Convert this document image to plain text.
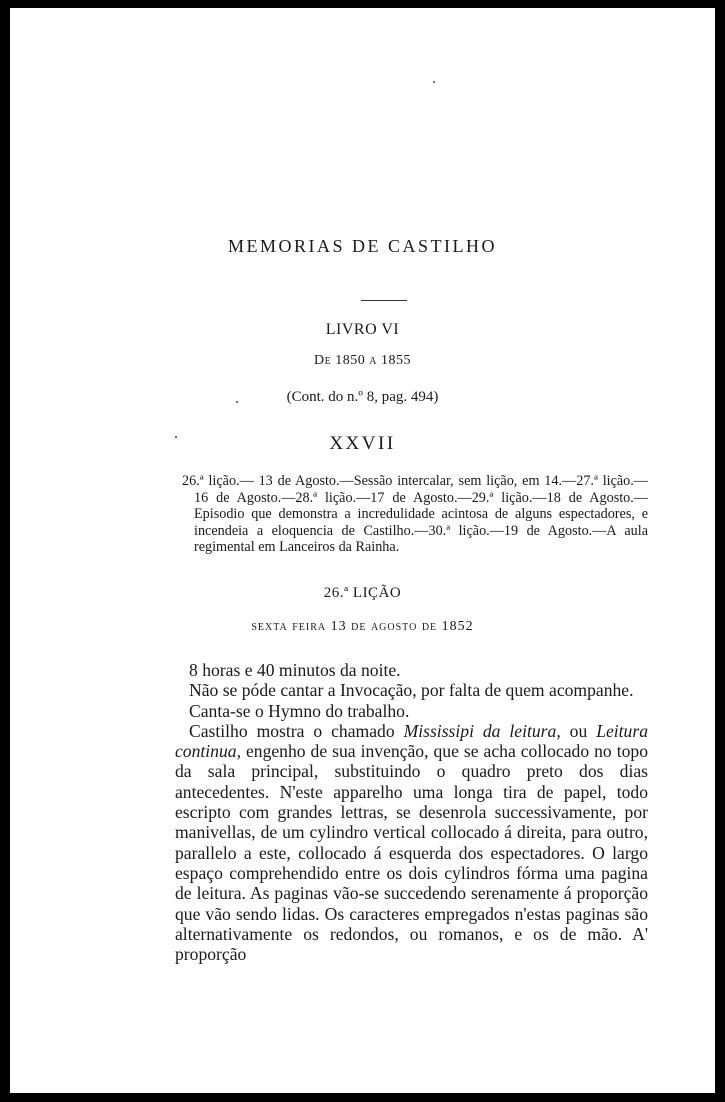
MEMORIAS DE CASTILHO
LIVRO VI
De 1850 a 1855
(Cont. do n.º 8, pag. 494)
XXVII
26.ª lição.— 13 de Agosto.—Sessão intercalar, sem lição, em 14.—27.ª lição.—16 de Agosto.—28.ª lição.—17 de Agosto.—29.ª lição.—18 de Agosto.—Episodio que demonstra a incredulidade acintosa de alguns espectadores, e incendeia a eloquencia de Castilho.—30.ª lição.—19 de Agosto.—A aula regimental em Lanceiros da Rainha.
26.ª LIÇÃO
sexta feira 13 de agosto de 1852

8 horas e 40 minutos da noite.

Não se póde cantar a Invocação, por falta de quem acompanhe.

Canta-se o Hymno do trabalho.

Castilho mostra o chamado Mississipi da leitura, ou Leitura continua, engenho de sua invenção, que se acha collocado no topo da sala principal, substituindo o quadro preto dos dias antecedentes. N'este apparelho uma longa tira de papel, todo escripto com grandes lettras, se desenrola successivamente, por manivellas, de um cylindro vertical collocado á direita, para outro, parallelo a este, collocado á esquerda dos espectadores. O largo espaço comprehendido entre os dois cylindros fórma uma pagina de leitura. As paginas vão-se succedendo serenamente á proporção que vão sendo lidas. Os caracteres empregados n'estas paginas são alternativamente os redondos, ou romanos, e os de mão. A' proporção
